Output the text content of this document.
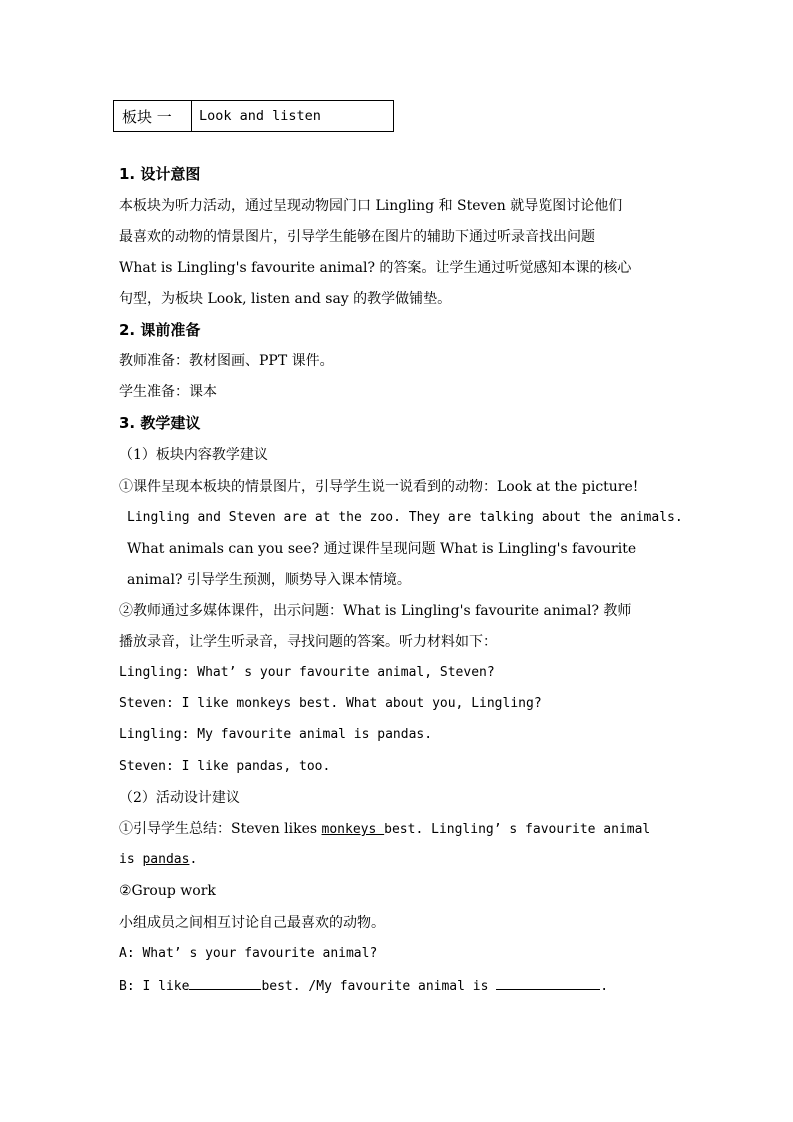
板块 一	Look and listen
1. 设计意图
本板块为听力活动，通过呈现动物园门口 Lingling 和 Steven 就导览图讨论他们
最喜欢的动物的情景图片，引导学生能够在图片的辅助下通过听录音找出问题
What is Lingling's favourite animal? 的答案。让学生通过听觉感知本课的核心
句型，为板块 Look, listen and say 的教学做铺垫。
2. 课前准备
教师准备：教材图画、PPT 课件。
学生准备：课本
3. 教学建议
（1）板块内容教学建议
①课件呈现本板块的情景图片，引导学生说一说看到的动物：Look at the picture!
Lingling and Steven are at the zoo. They are talking about the animals.
What animals can you see? 通过课件呈现问题 What is Lingling's favourite
animal? 引导学生预测，顺势导入课本情境。
②教师通过多媒体课件，出示问题：What is Lingling's favourite animal? 教师
播放录音，让学生听录音，寻找问题的答案。听力材料如下：
Lingling: What’ s your favourite animal, Steven?
Steven: I like monkeys best. What about you, Lingling?
Lingling: My favourite animal is pandas.
Steven: I like pandas, too.
（2）活动设计建议
①引导学生总结：Steven likes monkeys best. Lingling’ s favourite animal
is pandas.
②Group work
小组成员之间相互讨论自己最喜欢的动物。
A: What’ s your favourite animal?
B: I like	best. /My favourite animal is	.
